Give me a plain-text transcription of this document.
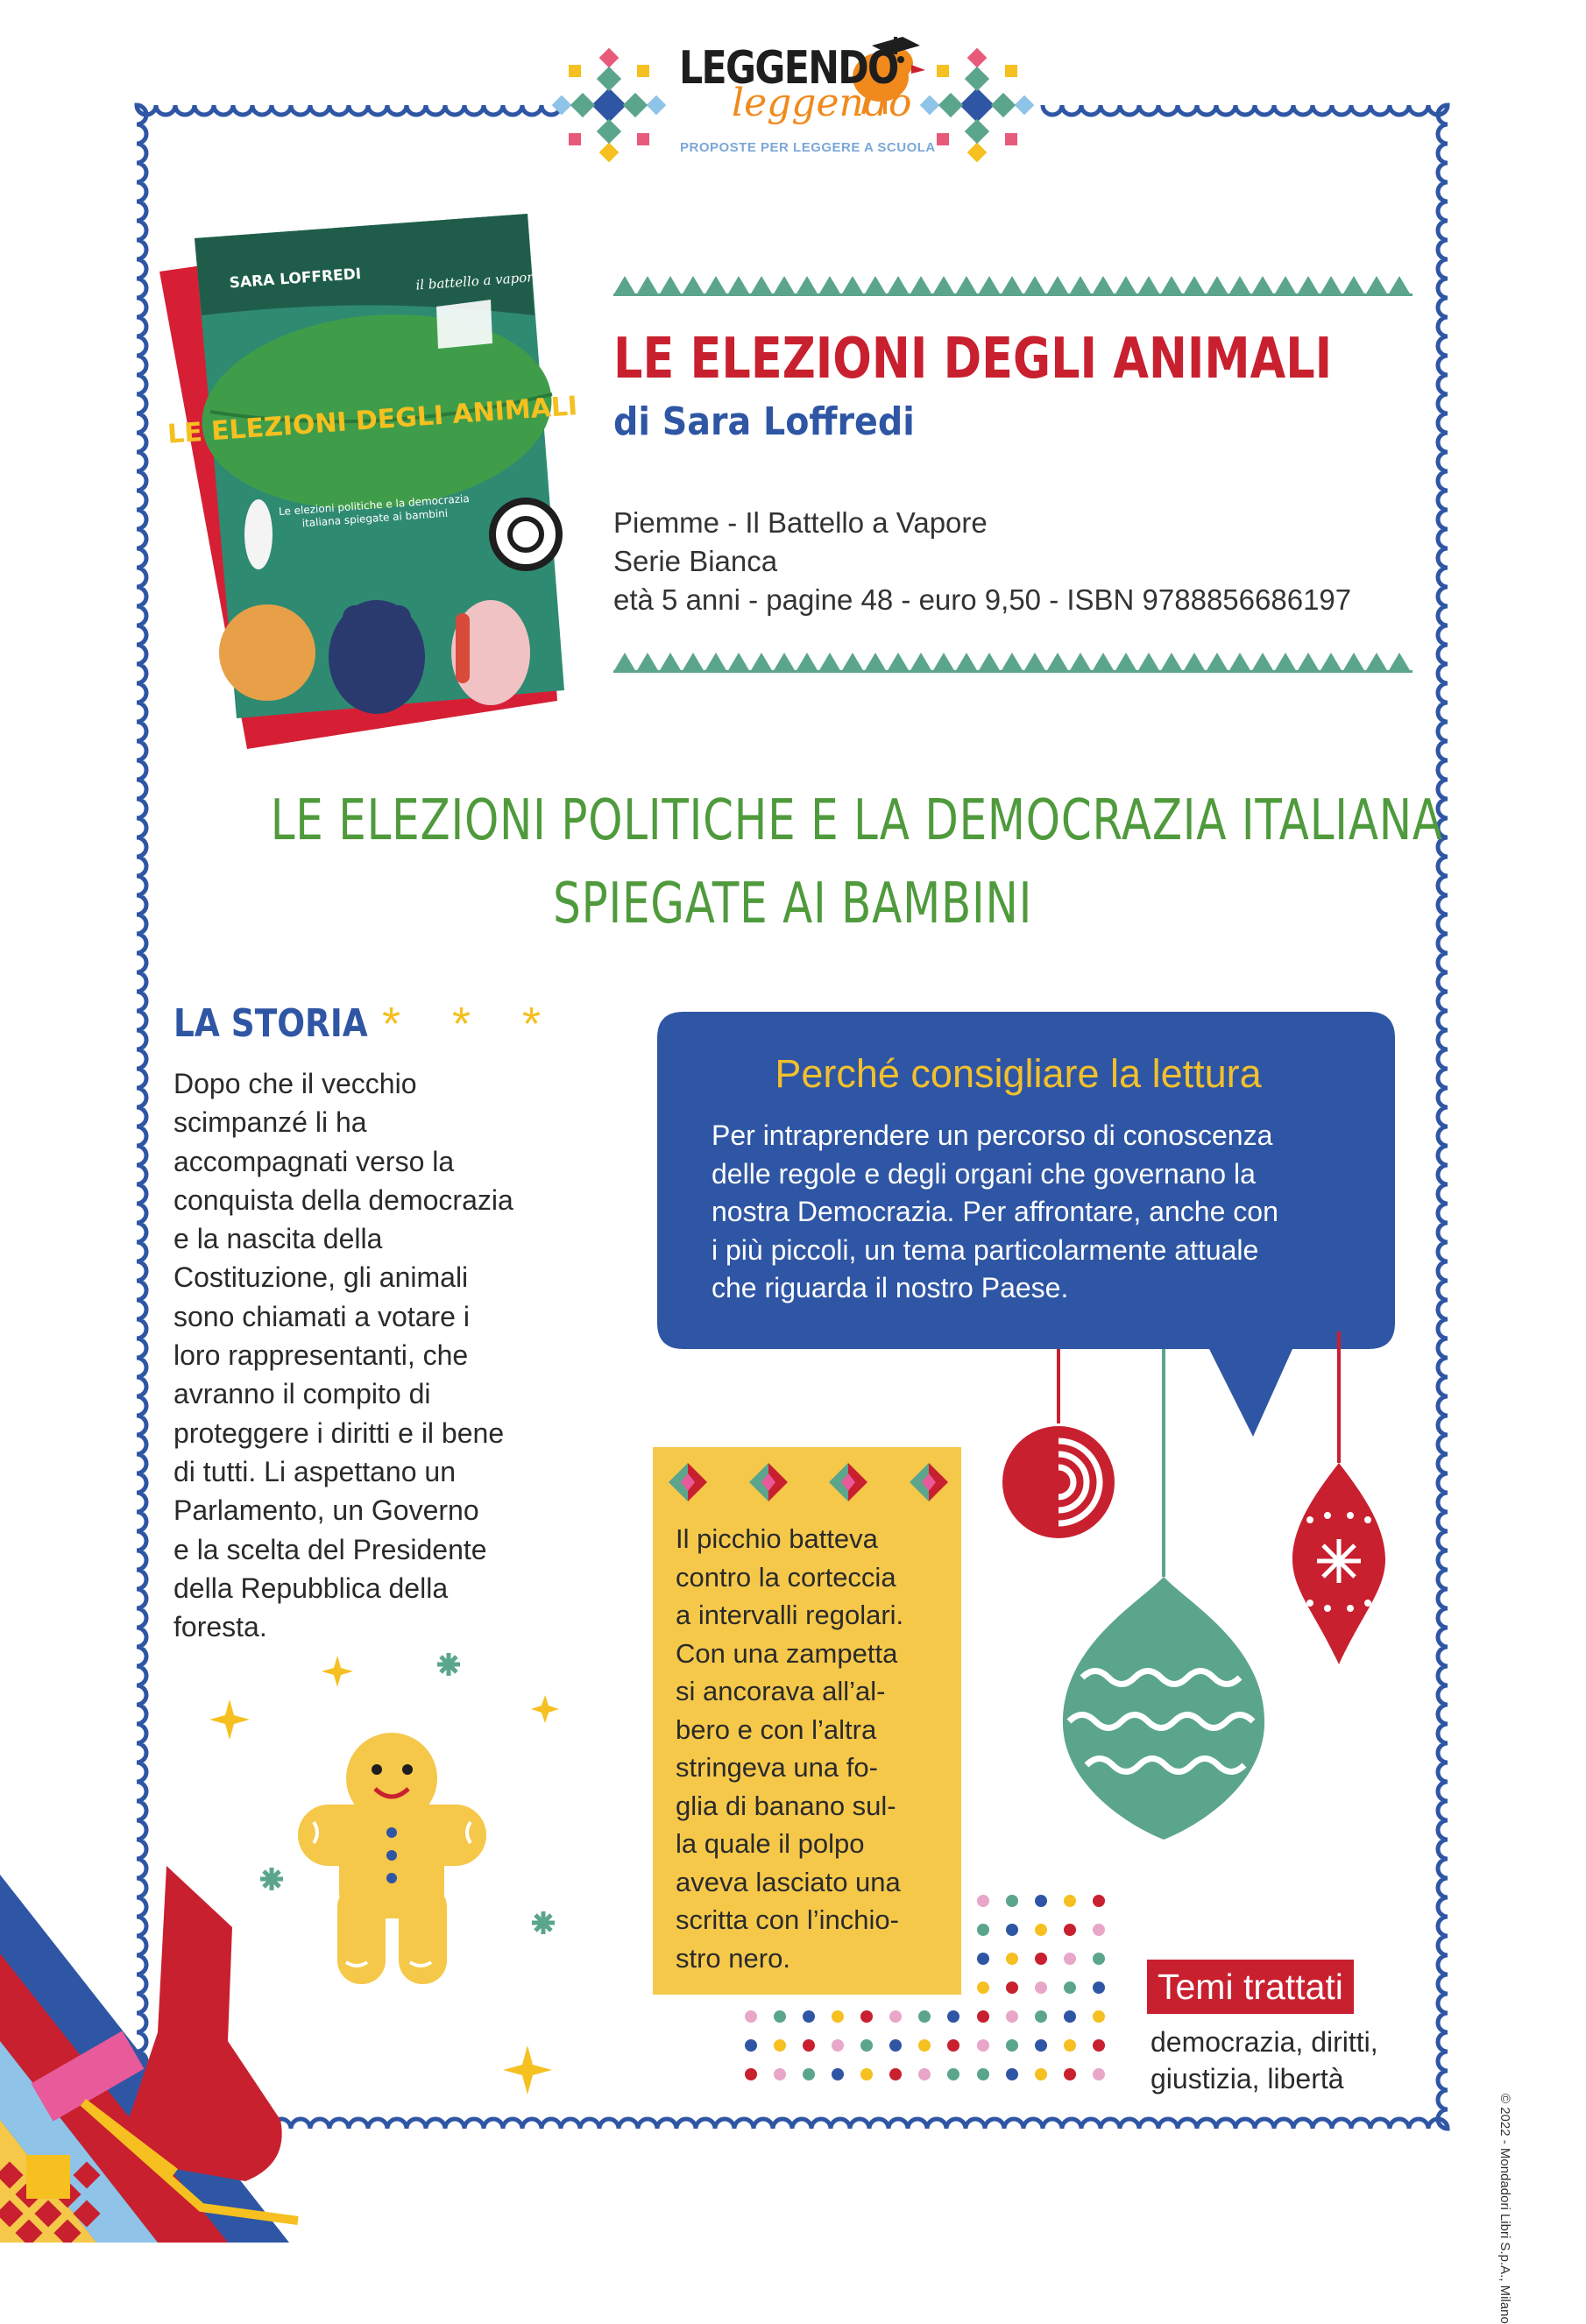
LEGGENDO
leggendo
PROPOSTE PER LEGGERE A SCUOLA
SARA LOFFREDI	il battello a vapore
LE ELEZIONI DEGLI ANIMALI
Le elezioni politiche e la democrazia italiana spiegate ai bambini
LE ELEZIONI DEGLI ANIMALI
di Sara Loffredi
Piemme - Il Battello a Vapore
Serie Bianca
età 5 anni - pagine 48 - euro 9,50 - ISBN 9788856686197
LE ELEZIONI POLITICHE E LA DEMOCRAZIA ITALIANA
SPIEGATE AI BAMBINI
LA STORIA * * *
Dopo che il vecchio
scimpanzé li ha
accompagnati verso la
conquista della democrazia
e la nascita della
Costituzione, gli animali
sono chiamati a votare i
loro rappresentanti, che
avranno il compito di
proteggere i diritti e il bene
di tutti. Li aspettano un
Parlamento, un Governo
e la scelta del Presidente
della Repubblica della
foresta.
Perché consigliare la lettura
Per intraprendere un percorso di conoscenza
delle regole e degli organi che governano la
nostra Democrazia. Per affrontare, anche con
i più piccoli, un tema particolarmente attuale
che riguarda il nostro Paese.
Il picchio batteva
contro la corteccia
a intervalli regolari.
Con una zampetta
si ancorava all’al-
bero e con l’altra
stringeva una fo-
glia di banano sul-
la quale il polpo
aveva lasciato una
scritta con l’inchio-
stro nero.
Temi trattati
democrazia, diritti,
giustizia, libertà
© 2022 - Mondadori Libri S.p.A., Milano
